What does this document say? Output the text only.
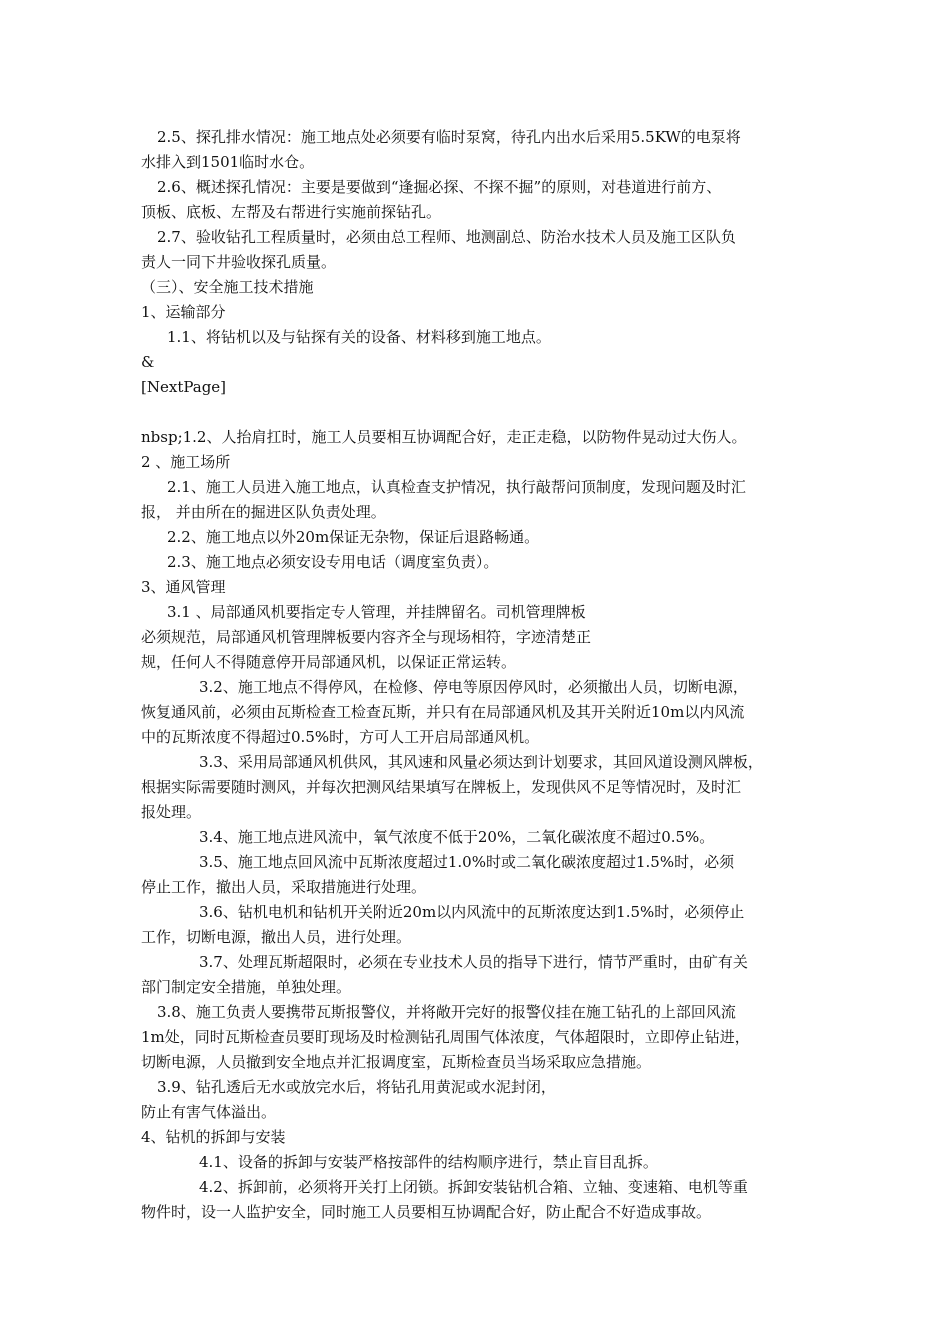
2.5、探孔排水情况：施工地点处必须要有临时泵窝，待孔内出水后采用5.5KW的电泵将
水排入到1501临时水仓。
2.6、概述探孔情况：主要是要做到“逢掘必探、不探不掘”的原则，对巷道进行前方、
顶板、底板、左帮及右帮进行实施前探钻孔。
2.7、验收钻孔工程质量时，必须由总工程师、地测副总、防治水技术人员及施工区队负
责人一同下井验收探孔质量。
（三）、安全施工技术措施
1、运输部分
1.1、将钻机以及与钻探有关的设备、材料移到施工地点。
&
[NextPage]
nbsp;1.2、人抬肩扛时，施工人员要相互协调配合好，走正走稳，以防物件晃动过大伤人。
2 、施工场所
2.1、施工人员进入施工地点，认真检查支护情况，执行敲帮问顶制度，发现问题及时汇
报， 并由所在的掘进区队负责处理。
2.2、施工地点以外20m保证无杂物，保证后退路畅通。
2.3、施工地点必须安设专用电话（调度室负责）。
3、通风管理
3.1 、局部通风机要指定专人管理，并挂牌留名。司机管理牌板
必须规范，局部通风机管理牌板要内容齐全与现场相符，字迹清楚正
规，任何人不得随意停开局部通风机，以保证正常运转。
3.2、施工地点不得停风，在检修、停电等原因停风时，必须撤出人员，切断电源，
恢复通风前，必须由瓦斯检查工检查瓦斯，并只有在局部通风机及其开关附近10m以内风流
中的瓦斯浓度不得超过0.5%时，方可人工开启局部通风机。
3.3、采用局部通风机供风，其风速和风量必须达到计划要求，其回风道设测风牌板，
根据实际需要随时测风，并每次把测风结果填写在牌板上，发现供风不足等情况时，及时汇
报处理。
3.4、施工地点进风流中，氧气浓度不低于20%，二氧化碳浓度不超过0.5%。
3.5、施工地点回风流中瓦斯浓度超过1.0%时或二氧化碳浓度超过1.5%时，必须
停止工作，撤出人员，采取措施进行处理。
3.6、钻机电机和钻机开关附近20m以内风流中的瓦斯浓度达到1.5%时，必须停止
工作，切断电源，撤出人员，进行处理。
3.7、处理瓦斯超限时，必须在专业技术人员的指导下进行，情节严重时，由矿有关
部门制定安全措施，单独处理。
3.8、施工负责人要携带瓦斯报警仪，并将敞开完好的报警仪挂在施工钻孔的上部回风流
1m处，同时瓦斯检查员要盯现场及时检测钻孔周围气体浓度，气体超限时，立即停止钻进，
切断电源，人员撤到安全地点并汇报调度室，瓦斯检查员当场采取应急措施。
3.9、钻孔透后无水或放完水后，将钻孔用黄泥或水泥封闭，
防止有害气体溢出。
4、钻机的拆卸与安装
4.1、设备的拆卸与安装严格按部件的结构顺序进行，禁止盲目乱拆。
4.2、拆卸前，必须将开关打上闭锁。拆卸安装钻机合箱、立轴、变速箱、电机等重
物件时，设一人监护安全，同时施工人员要相互协调配合好，防止配合不好造成事故。
